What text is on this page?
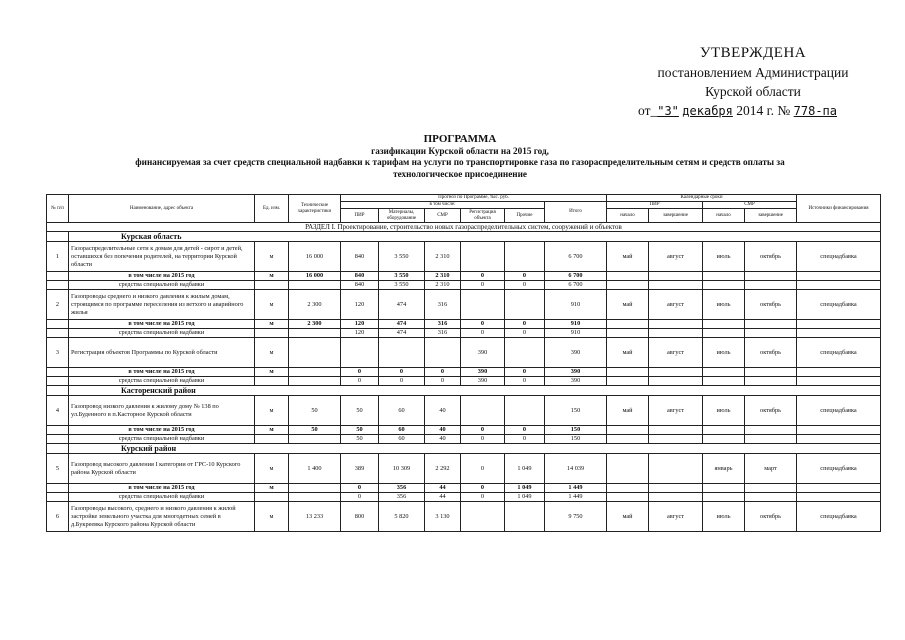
УТВЕРЖДЕНА
постановлением Администрации
Курской области
от_"3" декабря 2014 г. № 778-па
ПРОГРАММА
газификации Курской области на 2015 год,
финансируемая за счет средств специальной надбавки к тарифам на услуги по транспортировке газа по газораспределительным сетям и средств оплаты за
технологическое присоединение
№ п/п	Наименование, адрес объекта	Ед. изм.	Технические характеристики	Прогноз по Программе, тыс. руб.						Календарные сроки				Источники финансирования
				в том числе:					Итого	ПИР		СМР		
				ПИР	Материалы, оборудование	СМР	Регистрация объекта	Прочие		начало	завершение	начало	завершение	
РАЗДЕЛ I. Проектирование, строительство новых газораспределительных систем, сооружений и объектов														
	Курская область													
1	Газораспределительные сети к домам для детей - сирот и детей, оставшихся без попечения родителей, на территории Курской области	м	16 000	840	3 550	2 310			6 700	май	август	июль	октябрь	спецнадбавка
	в том числе на 2015 год	м	16 000	840	3 550	2 310	0	0	6 700					
	средства специальной надбавки			840	3 550	2 310	0	0	6 700					
2	Газопроводы среднего и низкого давления к жилым домам, строящимся по программе переселения из ветхого и аварийного жилья	м	2 300	120	474	316			910	май	август	июль	октябрь	спецнадбавка
	в том числе на 2015 год	м	2 300	120	474	316	0	0	910					
	средства специальной надбавки			120	474	316	0	0	910					
3	Регистрация объектов Программы по Курской области	м					390		390	май	август	июль	октябрь	спецнадбавка
	в том числе на 2015 год	м		0	0	0	390	0	390					
	средства специальной надбавки			0	0	0	390	0	390					
	Касторенский район													
4	Газопровод низкого давления к жилому дому № 138 по ул.Буденного в п.Касторное Курской области	м	50	50	60	40			150	май	август	июль	октябрь	спецнадбавка
	в том числе на 2015 год	м	50	50	60	40	0	0	150					
	средства специальной надбавки			50	60	40	0	0	150					
	Курский район													
5	Газопровод высокого давления I категории от ГРС-10 Курского района Курской области	м	1 400	389	10 309	2 292	0	1 049	14 039			январь	март	спецнадбавка
	в том числе на 2015 год	м		0	356	44	0	1 049	1 449					
	средства специальной надбавки			0	356	44	0	1 049	1 449					
6	Газопроводы высокого, среднего и низкого давления к жилой застройке земельного участка для многодетных семей в д.Букреевка Курского района Курской области	м	13 233	800	5 820	3 130			9 750	май	август	июль	октябрь	спецнадбавка
